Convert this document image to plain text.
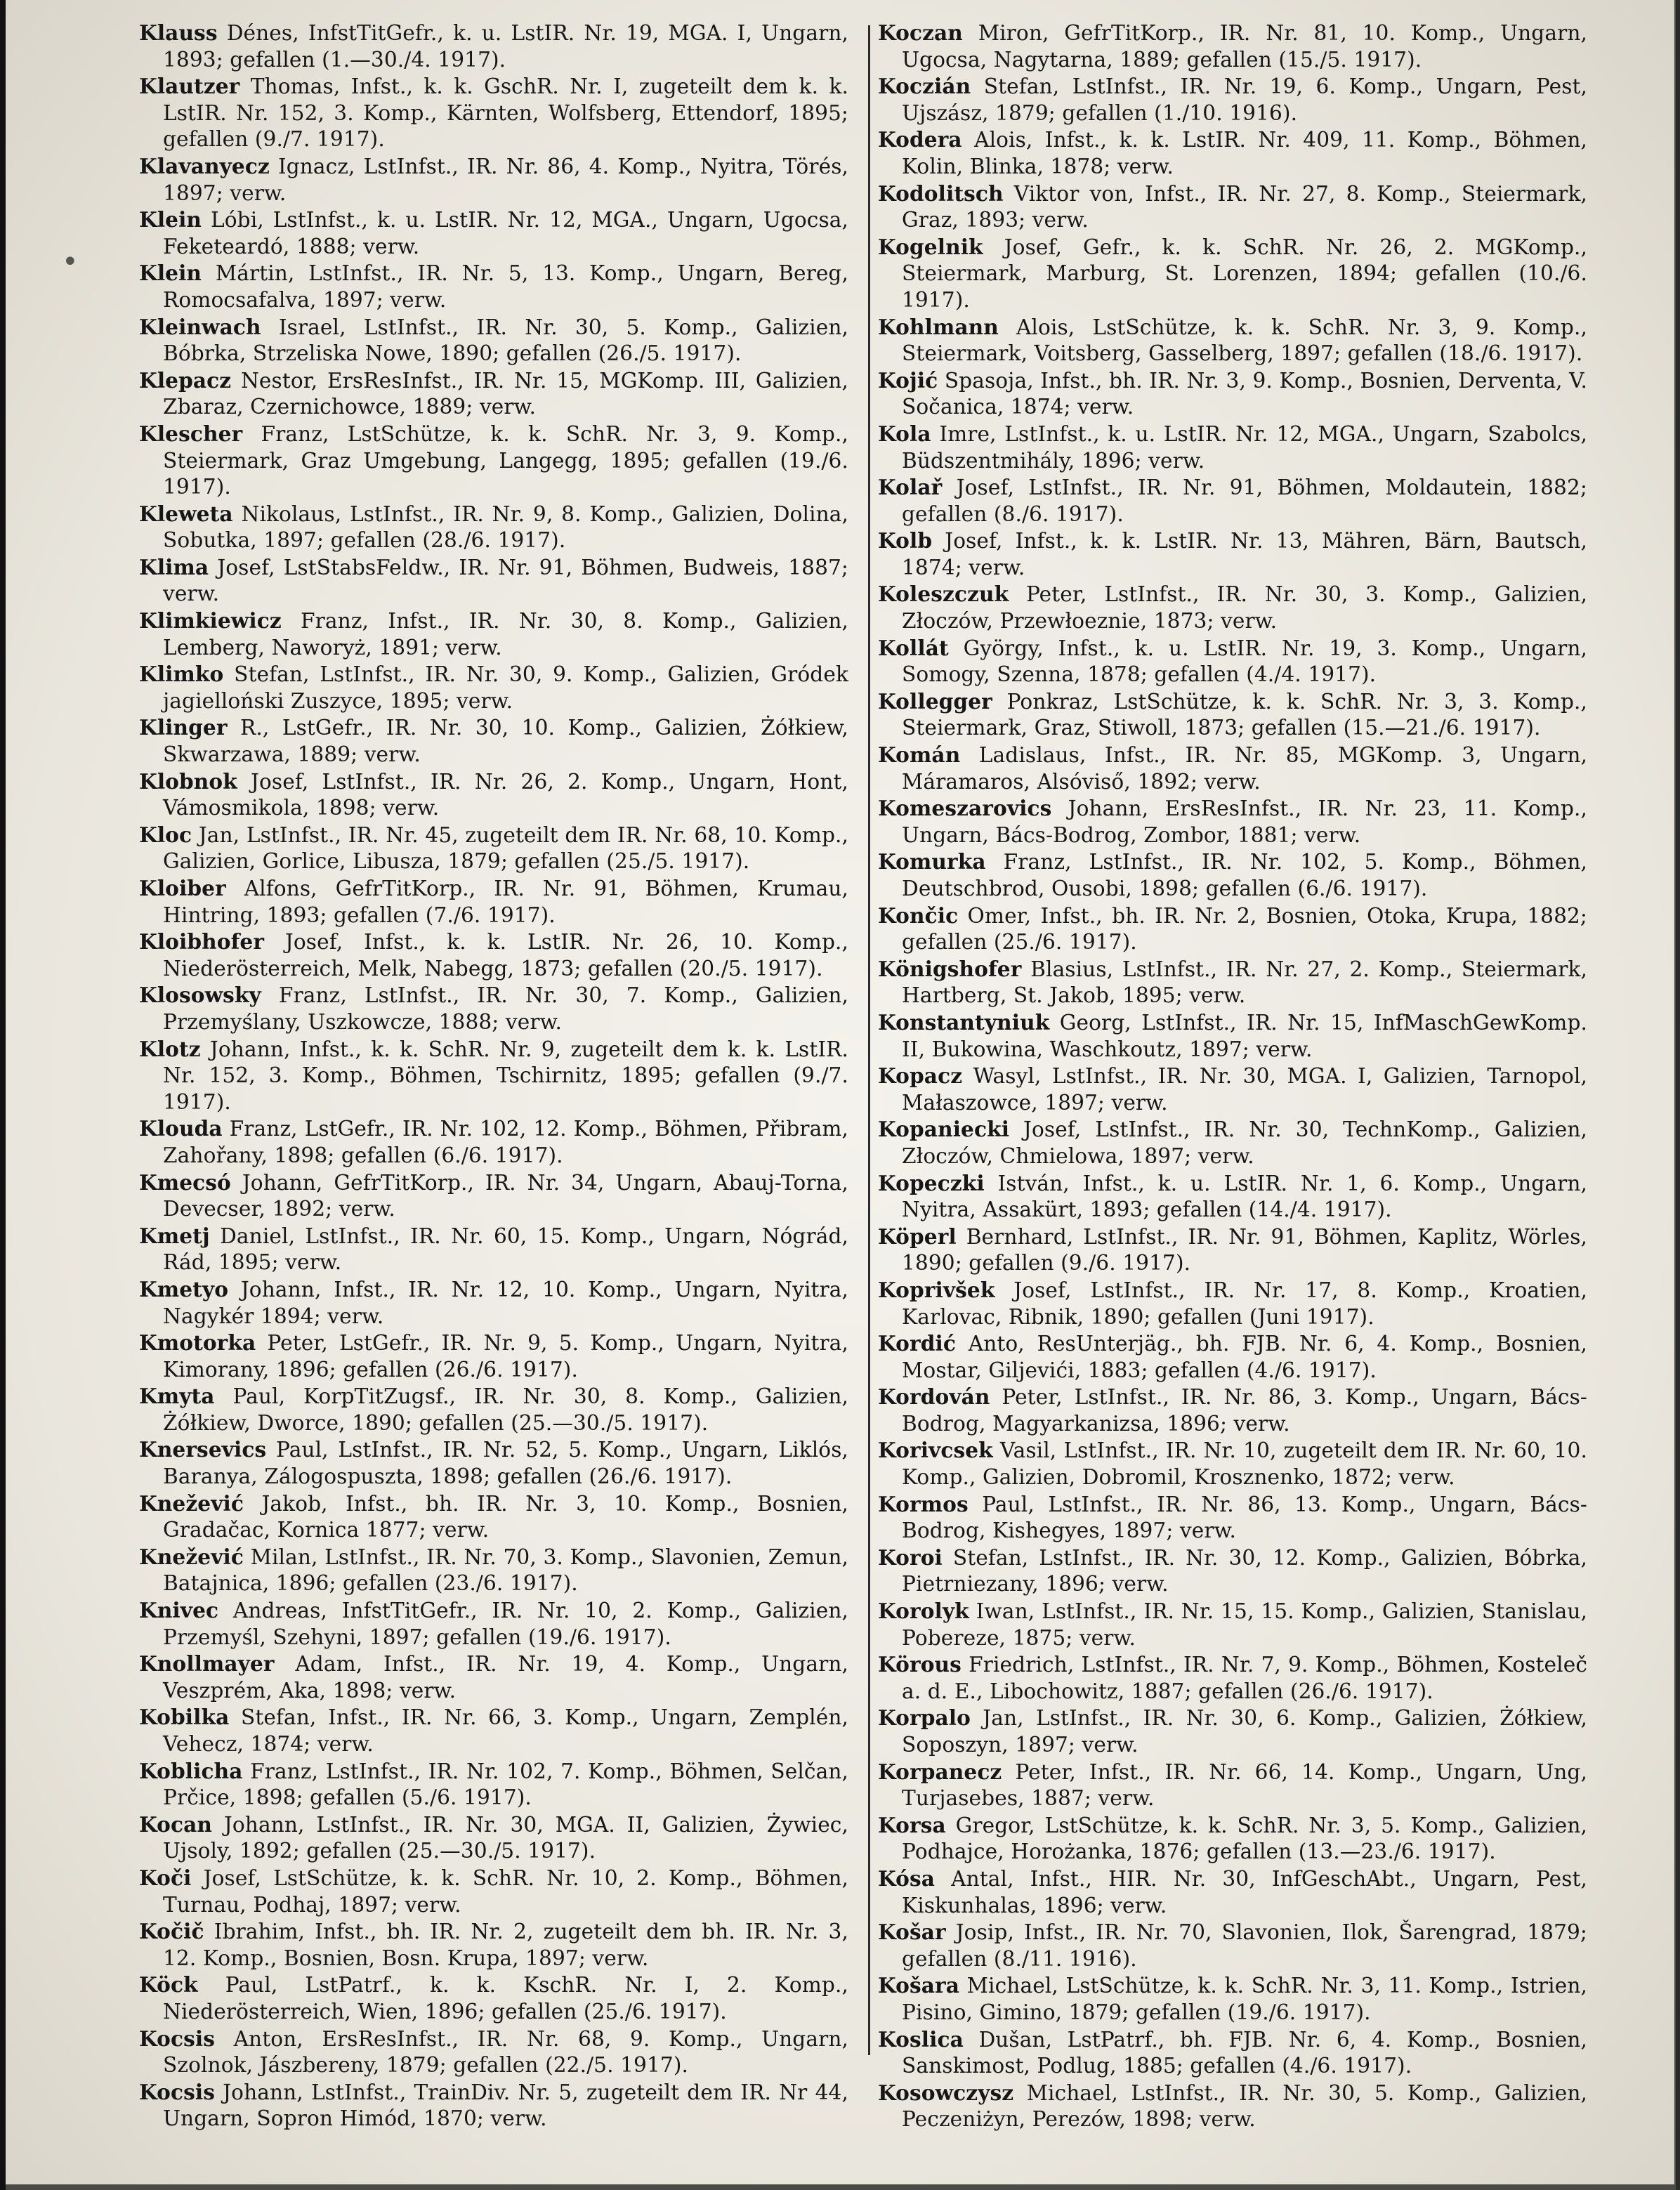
Klauss Dénes, InfstTitGefr., k. u. LstIR. Nr. 19, MGA. I, Ungarn, 1893; gefallen (1.—30./4. 1917).

Klautzer Thomas, Infst., k. k. GschR. Nr. I, zugeteilt dem k. k. LstIR. Nr. 152, 3. Komp., Kärnten, Wolfsberg, Ettendorf, 1895; gefallen (9./7. 1917).

Klavanyecz Ignacz, LstInfst., IR. Nr. 86, 4. Komp., Nyitra, Törés, 1897; verw.

Klein Lóbi, LstInfst., k. u. LstIR. Nr. 12, MGA., Ungarn, Ugocsa, Feketeardó, 1888; verw.

Klein Mártin, LstInfst., IR. Nr. 5, 13. Komp., Ungarn, Bereg, Romocsafalva, 1897; verw.

Kleinwach Israel, LstInfst., IR. Nr. 30, 5. Komp., Galizien, Bóbrka, Strzeliska Nowe, 1890; gefallen (26./5. 1917).

Klepacz Nestor, ErsResInfst., IR. Nr. 15, MGKomp. III, Galizien, Zbaraz, Czernichowce, 1889; verw.

Klescher Franz, LstSchütze, k. k. SchR. Nr. 3, 9. Komp., Steiermark, Graz Umgebung, Langegg, 1895; gefallen (19./6. 1917).

Kleweta Nikolaus, LstInfst., IR. Nr. 9, 8. Komp., Galizien, Dolina, Sobutka, 1897; gefallen (28./6. 1917).

Klima Josef, LstStabsFeldw., IR. Nr. 91, Böhmen, Budweis, 1887; verw.

Klimkiewicz Franz, Infst., IR. Nr. 30, 8. Komp., Galizien, Lemberg, Naworyż, 1891; verw.

Klimko Stefan, LstInfst., IR. Nr. 30, 9. Komp., Galizien, Gródek jagielloński Zuszyce, 1895; verw.

Klinger R., LstGefr., IR. Nr. 30, 10. Komp., Galizien, Żółkiew, Skwarzawa, 1889; verw.

Klobnok Josef, LstInfst., IR. Nr. 26, 2. Komp., Ungarn, Hont, Vámosmikola, 1898; verw.

Kloc Jan, LstInfst., IR. Nr. 45, zugeteilt dem IR. Nr. 68, 10. Komp., Galizien, Gorlice, Libusza, 1879; gefallen (25./5. 1917).

Kloiber Alfons, GefrTitKorp., IR. Nr. 91, Böhmen, Krumau, Hintring, 1893; gefallen (7./6. 1917).

Kloibhofer Josef, Infst., k. k. LstIR. Nr. 26, 10. Komp., Niederösterreich, Melk, Nabegg, 1873; gefallen (20./5. 1917).

Klosowsky Franz, LstInfst., IR. Nr. 30, 7. Komp., Galizien, Przemyślany, Uszkowcze, 1888; verw.

Klotz Johann, Infst., k. k. SchR. Nr. 9, zugeteilt dem k. k. LstIR. Nr. 152, 3. Komp., Böhmen, Tschirnitz, 1895; gefallen (9./7. 1917).

Klouda Franz, LstGefr., IR. Nr. 102, 12. Komp., Böhmen, Přibram, Zahořany, 1898; gefallen (6./6. 1917).

Kmecsó Johann, GefrTitKorp., IR. Nr. 34, Ungarn, Abauj-Torna, Devecser, 1892; verw.

Kmetj Daniel, LstInfst., IR. Nr. 60, 15. Komp., Ungarn, Nógrád, Rád, 1895; verw.

Kmetyo Johann, Infst., IR. Nr. 12, 10. Komp., Ungarn, Nyitra, Nagykér 1894; verw.

Kmotorka Peter, LstGefr., IR. Nr. 9, 5. Komp., Ungarn, Nyitra, Kimorany, 1896; gefallen (26./6. 1917).

Kmyta Paul, KorpTitZugsf., IR. Nr. 30, 8. Komp., Galizien, Żółkiew, Dworce, 1890; gefallen (25.—30./5. 1917).

Knersevics Paul, LstInfst., IR. Nr. 52, 5. Komp., Ungarn, Liklós, Baranya, Zálogospuszta, 1898; gefallen (26./6. 1917).

Knežević Jakob, Infst., bh. IR. Nr. 3, 10. Komp., Bosnien, Gradačac, Kornica 1877; verw.

Knežević Milan, LstInfst., IR. Nr. 70, 3. Komp., Slavonien, Zemun, Batajnica, 1896; gefallen (23./6. 1917).

Knivec Andreas, InfstTitGefr., IR. Nr. 10, 2. Komp., Galizien, Przemyśl, Szehyni, 1897; gefallen (19./6. 1917).

Knollmayer Adam, Infst., IR. Nr. 19, 4. Komp., Ungarn, Veszprém, Aka, 1898; verw.

Kobilka Stefan, Infst., IR. Nr. 66, 3. Komp., Ungarn, Zemplén, Vehecz, 1874; verw.

Koblicha Franz, LstInfst., IR. Nr. 102, 7. Komp., Böhmen, Selčan, Prčice, 1898; gefallen (5./6. 1917).

Kocan Johann, LstInfst., IR. Nr. 30, MGA. II, Galizien, Żywiec, Ujsoly, 1892; gefallen (25.—30./5. 1917).

Koči Josef, LstSchütze, k. k. SchR. Nr. 10, 2. Komp., Böhmen, Turnau, Podhaj, 1897; verw.

Kočič Ibrahim, Infst., bh. IR. Nr. 2, zugeteilt dem bh. IR. Nr. 3, 12. Komp., Bosnien, Bosn. Krupa, 1897; verw.

Köck Paul, LstPatrf., k. k. KschR. Nr. I, 2. Komp., Niederösterreich, Wien, 1896; gefallen (25./6. 1917).

Kocsis Anton, ErsResInfst., IR. Nr. 68, 9. Komp., Ungarn, Szolnok, Jászbereny, 1879; gefallen (22./5. 1917).

Kocsis Johann, LstInfst., TrainDiv. Nr. 5, zugeteilt dem IR. Nr 44, Ungarn, Sopron Himód, 1870; verw.

Koczan Miron, GefrTitKorp., IR. Nr. 81, 10. Komp., Ungarn, Ugocsa, Nagytarna, 1889; gefallen (15./5. 1917).

Koczián Stefan, LstInfst., IR. Nr. 19, 6. Komp., Ungarn, Pest, Ujszász, 1879; gefallen (1./10. 1916).

Kodera Alois, Infst., k. k. LstIR. Nr. 409, 11. Komp., Böhmen, Kolin, Blinka, 1878; verw.

Kodolitsch Viktor von, Infst., IR. Nr. 27, 8. Komp., Steiermark, Graz, 1893; verw.

Kogelnik Josef, Gefr., k. k. SchR. Nr. 26, 2. MGKomp., Steiermark, Marburg, St. Lorenzen, 1894; gefallen (10./6. 1917).

Kohlmann Alois, LstSchütze, k. k. SchR. Nr. 3, 9. Komp., Steiermark, Voitsberg, Gasselberg, 1897; gefallen (18./6. 1917).

Kojić Spasoja, Infst., bh. IR. Nr. 3, 9. Komp., Bosnien, Derventa, V. Sočanica, 1874; verw.

Kola Imre, LstInfst., k. u. LstIR. Nr. 12, MGA., Ungarn, Szabolcs, Büdszentmihály, 1896; verw.

Kolař Josef, LstInfst., IR. Nr. 91, Böhmen, Moldautein, 1882; gefallen (8./6. 1917).

Kolb Josef, Infst., k. k. LstIR. Nr. 13, Mähren, Bärn, Bautsch, 1874; verw.

Koleszczuk Peter, LstInfst., IR. Nr. 30, 3. Komp., Galizien, Złoczów, Przewłoeznie, 1873; verw.

Kollát György, Infst., k. u. LstIR. Nr. 19, 3. Komp., Ungarn, Somogy, Szenna, 1878; gefallen (4./4. 1917).

Kollegger Ponkraz, LstSchütze, k. k. SchR. Nr. 3, 3. Komp., Steiermark, Graz, Stiwoll, 1873; gefallen (15.—21./6. 1917).

Komán Ladislaus, Infst., IR. Nr. 85, MGKomp. 3, Ungarn, Máramaros, Alsóviső, 1892; verw.

Komeszarovics Johann, ErsResInfst., IR. Nr. 23, 11. Komp., Ungarn, Bács-Bodrog, Zombor, 1881; verw.

Komurka Franz, LstInfst., IR. Nr. 102, 5. Komp., Böhmen, Deutschbrod, Ousobi, 1898; gefallen (6./6. 1917).

Končic Omer, Infst., bh. IR. Nr. 2, Bosnien, Otoka, Krupa, 1882; gefallen (25./6. 1917).

Königshofer Blasius, LstInfst., IR. Nr. 27, 2. Komp., Steiermark, Hartberg, St. Jakob, 1895; verw.

Konstantyniuk Georg, LstInfst., IR. Nr. 15, InfMaschGewKomp. II, Bukowina, Waschkoutz, 1897; verw.

Kopacz Wasyl, LstInfst., IR. Nr. 30, MGA. I, Galizien, Tarnopol, Małaszowce, 1897; verw.

Kopaniecki Josef, LstInfst., IR. Nr. 30, TechnKomp., Galizien, Złoczów, Chmielowa, 1897; verw.

Kopeczki István, Infst., k. u. LstIR. Nr. 1, 6. Komp., Ungarn, Nyitra, Assakürt, 1893; gefallen (14./4. 1917).

Köperl Bernhard, LstInfst., IR. Nr. 91, Böhmen, Kaplitz, Wörles, 1890; gefallen (9./6. 1917).

Koprivšek Josef, LstInfst., IR. Nr. 17, 8. Komp., Kroatien, Karlovac, Ribnik, 1890; gefallen (Juni 1917).

Kordić Anto, ResUnterjäg., bh. FJB. Nr. 6, 4. Komp., Bosnien, Mostar, Giljevići, 1883; gefallen (4./6. 1917).

Kordován Peter, LstInfst., IR. Nr. 86, 3. Komp., Ungarn, Bács-Bodrog, Magyarkanizsa, 1896; verw.

Korivcsek Vasil, LstInfst., IR. Nr. 10, zugeteilt dem IR. Nr. 60, 10. Komp., Galizien, Dobromil, Krosznenko, 1872; verw.

Kormos Paul, LstInfst., IR. Nr. 86, 13. Komp., Ungarn, Bács-Bodrog, Kishegyes, 1897; verw.

Koroi Stefan, LstInfst., IR. Nr. 30, 12. Komp., Galizien, Bóbrka, Pietrniezany, 1896; verw.

Korolyk Iwan, LstInfst., IR. Nr. 15, 15. Komp., Galizien, Stanislau, Pobereze, 1875; verw.

Körous Friedrich, LstInfst., IR. Nr. 7, 9. Komp., Böhmen, Kosteleč a. d. E., Libochowitz, 1887; gefallen (26./6. 1917).

Korpalo Jan, LstInfst., IR. Nr. 30, 6. Komp., Galizien, Żółkiew, Soposzyn, 1897; verw.

Korpanecz Peter, Infst., IR. Nr. 66, 14. Komp., Ungarn, Ung, Turjasebes, 1887; verw.

Korsa Gregor, LstSchütze, k. k. SchR. Nr. 3, 5. Komp., Galizien, Podhajce, Horożanka, 1876; gefallen (13.—23./6. 1917).

Kósa Antal, Infst., HIR. Nr. 30, InfGeschAbt., Ungarn, Pest, Kiskunhalas, 1896; verw.

Košar Josip, Infst., IR. Nr. 70, Slavonien, Ilok, Šarengrad, 1879; gefallen (8./11. 1916).

Košara Michael, LstSchütze, k. k. SchR. Nr. 3, 11. Komp., Istrien, Pisino, Gimino, 1879; gefallen (19./6. 1917).

Koslica Dušan, LstPatrf., bh. FJB. Nr. 6, 4. Komp., Bosnien, Sanskimost, Podlug, 1885; gefallen (4./6. 1917).

Kosowczysz Michael, LstInfst., IR. Nr. 30, 5. Komp., Galizien, Peczeniżyn, Perezów, 1898; verw.

•
